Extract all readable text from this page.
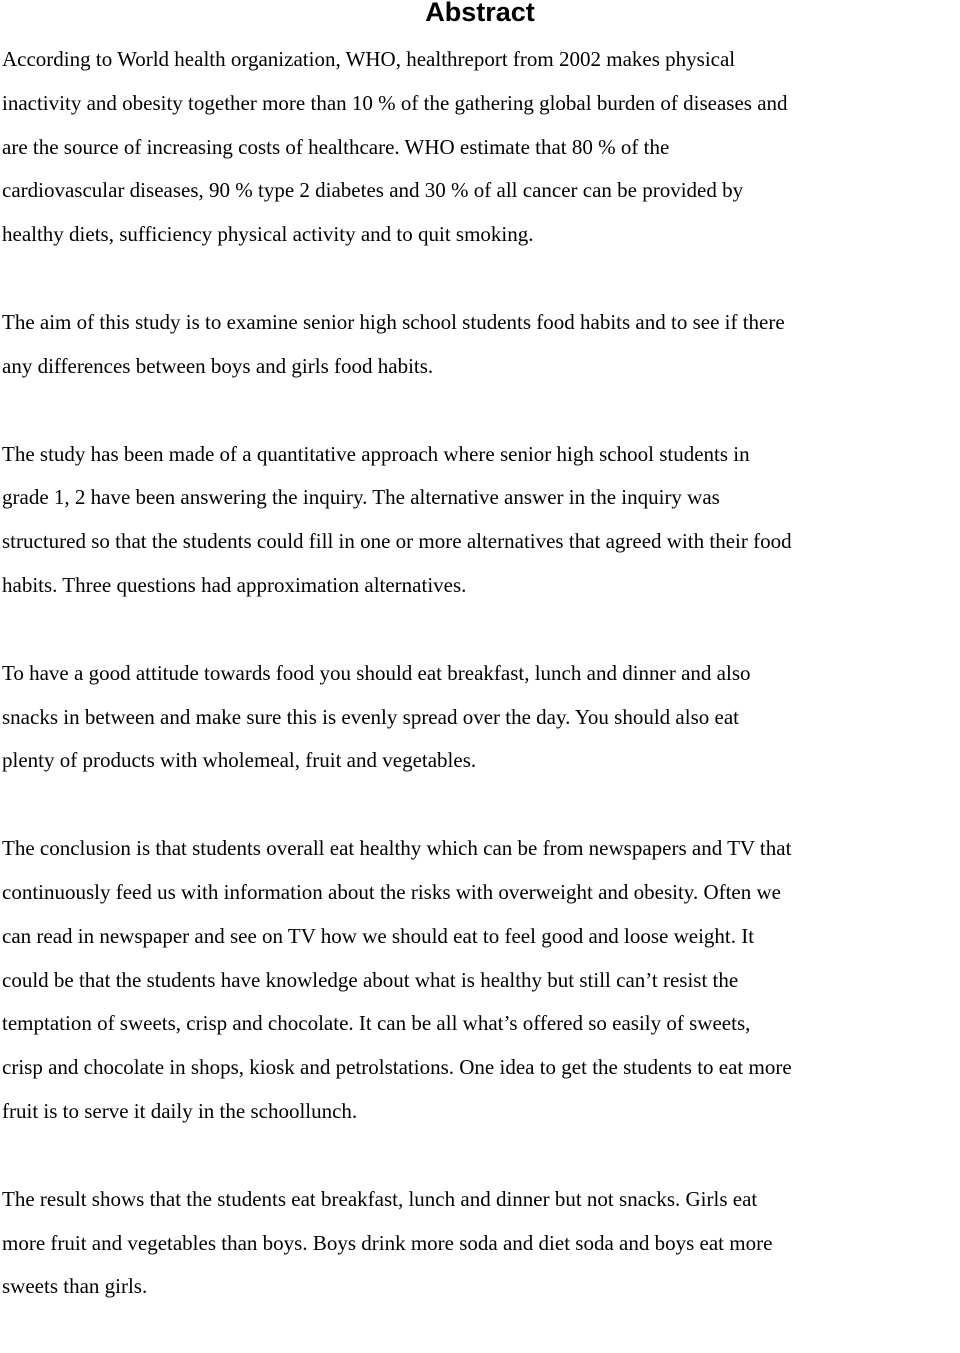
Abstract

According to World health organization, WHO, healthreport from 2002 makes physical
inactivity and obesity together more than 10 % of the gathering global burden of diseases and
are the source of increasing costs of healthcare. WHO estimate that 80 % of the
cardiovascular diseases, 90 % type 2 diabetes and 30 % of all cancer can be provided by
healthy diets, sufficiency physical activity and to quit smoking.

The aim of this study is to examine senior high school students food habits and to see if there
any differences between boys and girls food habits.

The study has been made of a quantitative approach where senior high school students in
grade 1, 2 have been answering the inquiry. The alternative answer in the inquiry was
structured so that the students could fill in one or more alternatives that agreed with their food
habits. Three questions had approximation alternatives.

To have a good attitude towards food you should eat breakfast, lunch and dinner and also
snacks in between and make sure this is evenly spread over the day. You should also eat
plenty of products with wholemeal, fruit and vegetables.

The conclusion is that students overall eat healthy which can be from newspapers and TV that
continuously feed us with information about the risks with overweight and obesity. Often we
can read in newspaper and see on TV how we should eat to feel good and loose weight. It
could be that the students have knowledge about what is healthy but still can’t resist the
temptation of sweets, crisp and chocolate. It can be all what’s offered so easily of sweets,
crisp and chocolate in shops, kiosk and petrolstations. One idea to get the students to eat more
fruit is to serve it daily in the schoollunch.

The result shows that the students eat breakfast, lunch and dinner but not snacks. Girls eat
more fruit and vegetables than boys. Boys drink more soda and diet soda and boys eat more
sweets than girls.
